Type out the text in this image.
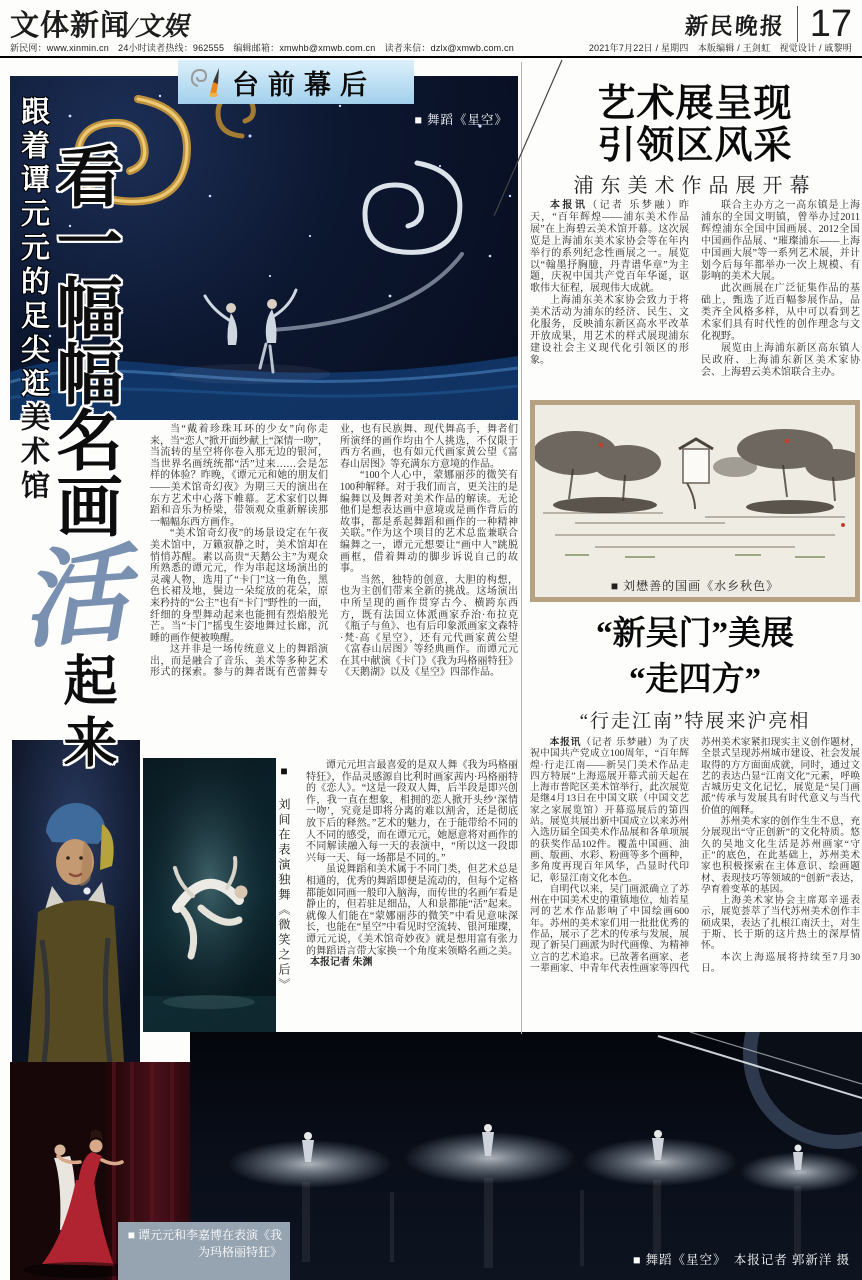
文体新闻∕文娱	新民晚报 17
新民网：www.xinmin.cn　24小时读者热线：962555　编辑邮箱：xmwhb@xmwb.com.cn　读者来信：dzlx@xmwb.com.cn	2021年7月22日 / 星期四　本版编辑 / 王剑虹　视觉设计 / 戚黎明
台前幕后
■ 舞蹈《星空》
跟着谭元元的足尖逛美术馆
看一幅幅名画
活
起来

当“戴着珍珠耳环的少女”向你走来，当“恋人”掀开面纱献上“深情一吻”，当流转的星空将你卷入那无边的银河，当世界名画统统都“活”过来……会是怎样的体验？昨晚，《谭元元和她的朋友们——美术馆奇幻夜》为期三天的演出在东方艺术中心落下帷幕。艺术家们以舞蹈和音乐为桥梁，带领观众重新解读那一幅幅东西方画作。

“美术馆奇幻夜”的场景设定在午夜美术馆中，万籁寂静之时，美术馆却在悄悄苏醒。素以高贵“天鹅公主”为观众所熟悉的谭元元，作为串起这场演出的灵魂人物，选用了“卡门”这一角色，黑色长裙及地，鬓边一朵绽放的花朵，原来矜持的“公主”也有“卡门”野性的一面，纤细的身型舞动起来也能拥有烈焰般光芒。当“卡门”摇曳生姿地舞过长廊，沉睡的画作便被唤醒。

这并非是一场传统意义上的舞蹈演出，而是融合了音乐、美术等多种艺术形式的探索。参与的舞者既有芭蕾舞专业，也有民族舞、现代舞高手，舞者们所演绎的画作均由个人挑选，不仅限于西方名画，也有如元代画家黄公望《富春山居图》等充满东方意境的作品。

“100个人心中，蒙娜丽莎的微笑有100种解释。对于我们而言，更关注的是编舞以及舞者对美术作品的解读。无论他们是想表达画中意境或是画作背后的故事，都是系起舞蹈和画作的一种精神关联。”作为这个项目的艺术总监兼联合编舞之一，谭元元想要让“画中人”跳脱画框，借着舞动的脚步诉说自己的故事。

当然，独特的创意，大胆的构想，也为主创们带来全新的挑战。这场演出中所呈现的画作贯穿古今、横跨东西方，既有法国立体派画家乔治·布拉克《瓶子与鱼》、也有后印象派画家文森特·梵·高《星空》，还有元代画家黄公望《富春山居图》等经典画作。而谭元元在其中献演《卡门》《我为玛格丽特狂》《天鹅湖》以及《星空》四部作品。

谭元元坦言最喜爱的是双人舞《我为玛格丽特狂》，作品灵感源自比利时画家茜内·玛格丽特的《恋人》。“这是一段双人舞，后半段是即兴创作，我一直在想象，相拥的恋人掀开头纱‘深情一吻’，究竟是即将分离的难以割舍，还是彻底放下后的释然。”艺术的魅力，在于能带给不同的人不同的感受，而在谭元元，她愿意将对画作的不同解读融入每一天的表演中，“所以这一段即兴每一天、每一场都是不同的。”

虽说舞蹈和美术属于不同门类，但艺术总是相通的，优秀的舞蹈即便是流动的，但每个定格都能如同画一般印入脑海，而传世的名画乍看是静止的，但若驻足细品，人和景都能“活”起来。就像人们能在“蒙娜丽莎的微笑”中看见意味深长，也能在“星空”中看见时空流转、银河璀璨，谭元元说，《美术馆奇妙夜》就是想用富有张力的舞蹈语言带大家换一个角度来领略名画之美。本报记者 朱渊

■ 刘间在表演独舞《微笑之后》
■ 舞蹈《星空》　本报记者 郭新洋 摄
■ 谭元元和李嘉博在表演《我为玛格丽特狂》
艺术展呈现
引领区风采
浦东美术作品展开幕

本报讯（记者 乐梦融）昨天，“百年辉煌——浦东美术作品展”在上海碧云美术馆开幕。这次展览是上海浦东美术家协会等在年内举行的系列纪念性画展之一。展览以“翰墨抒胸臆，丹青谱华章”为主题，庆祝中国共产党百年华诞，讴歌伟大征程，展现伟大成就。

上海浦东美术家协会致力于将美术活动为浦东的经济、民生、文化服务，反映浦东新区高水平改革开放成果，用艺术的样式展现浦东建设社会主义现代化引领区的形象。

联合主办方之一高东镇是上海浦东的全国文明镇，曾举办过2011辉煌浦东全国中国画展、2012全国中国画作品展、“璀璨浦东——上海中国画大展”等一系列艺术展，并计划今后每年都举办一次上规模、有影响的美术大展。

此次画展在广泛征集作品的基础上，甄选了近百幅参展作品，品类齐全风格多样，从中可以看到艺术家们具有时代性的创作理念与文化视野。

展览由上海浦东新区高东镇人民政府、上海浦东新区美术家协会、上海碧云美术馆联合主办。

■ 刘懋善的国画《水乡秋色》
“新吴门”美展
“走四方”
“行走江南”特展来沪亮相

本报讯（记者 乐梦融）为了庆祝中国共产党成立100周年，“百年辉煌·行走江南——新吴门美术作品走四方特展”上海巡展开幕式前天起在上海市普陀区美术馆举行，此次展览是继4月13日在中国文联（中国文艺家之家展览馆）开幕巡展后的第四站。展览共展出新中国成立以来苏州入选历届全国美术作品展和各单项展的获奖作品102件。覆盖中国画、油画、版画、水彩、粉画等多个画种，多角度再现百年风华，凸显时代印记，彰显江南文化本色。

自明代以来，吴门画派确立了苏州在中国美术史的重镇地位，灿若星河的艺术作品影响了中国绘画600年。苏州的美术家们用一批批优秀的作品，展示了艺术的传承与发展，展现了新吴门画派为时代画像、为精神立言的艺术追求。已故著名画家、老一辈画家、中青年代表性画家等四代苏州美术家紧扣现实主义创作题材，全景式呈现苏州城市建设、社会发展取得的方方面面成就，同时，通过文艺的表达凸显“江南文化”元素，呼唤古城历史文化记忆，展览是“吴门画派”传承与发展具有时代意义与当代价值的阐释。

苏州美术家的创作生生不息，充分展现出“守正创新”的文化特质。悠久的吴地文化生活是苏州画家“守正”的底色，在此基础上，苏州美术家也积极探索在主体意识、绘画题材、表现技巧等领域的“创新”表达，孕育着变革的基因。

上海美术家协会主席郑辛遥表示，展览荟萃了当代苏州美术创作丰硕成果，表达了扎根江南沃土，对生于斯、长于斯的这片热土的深厚情怀。

本次上海巡展将持续至7月30日。
